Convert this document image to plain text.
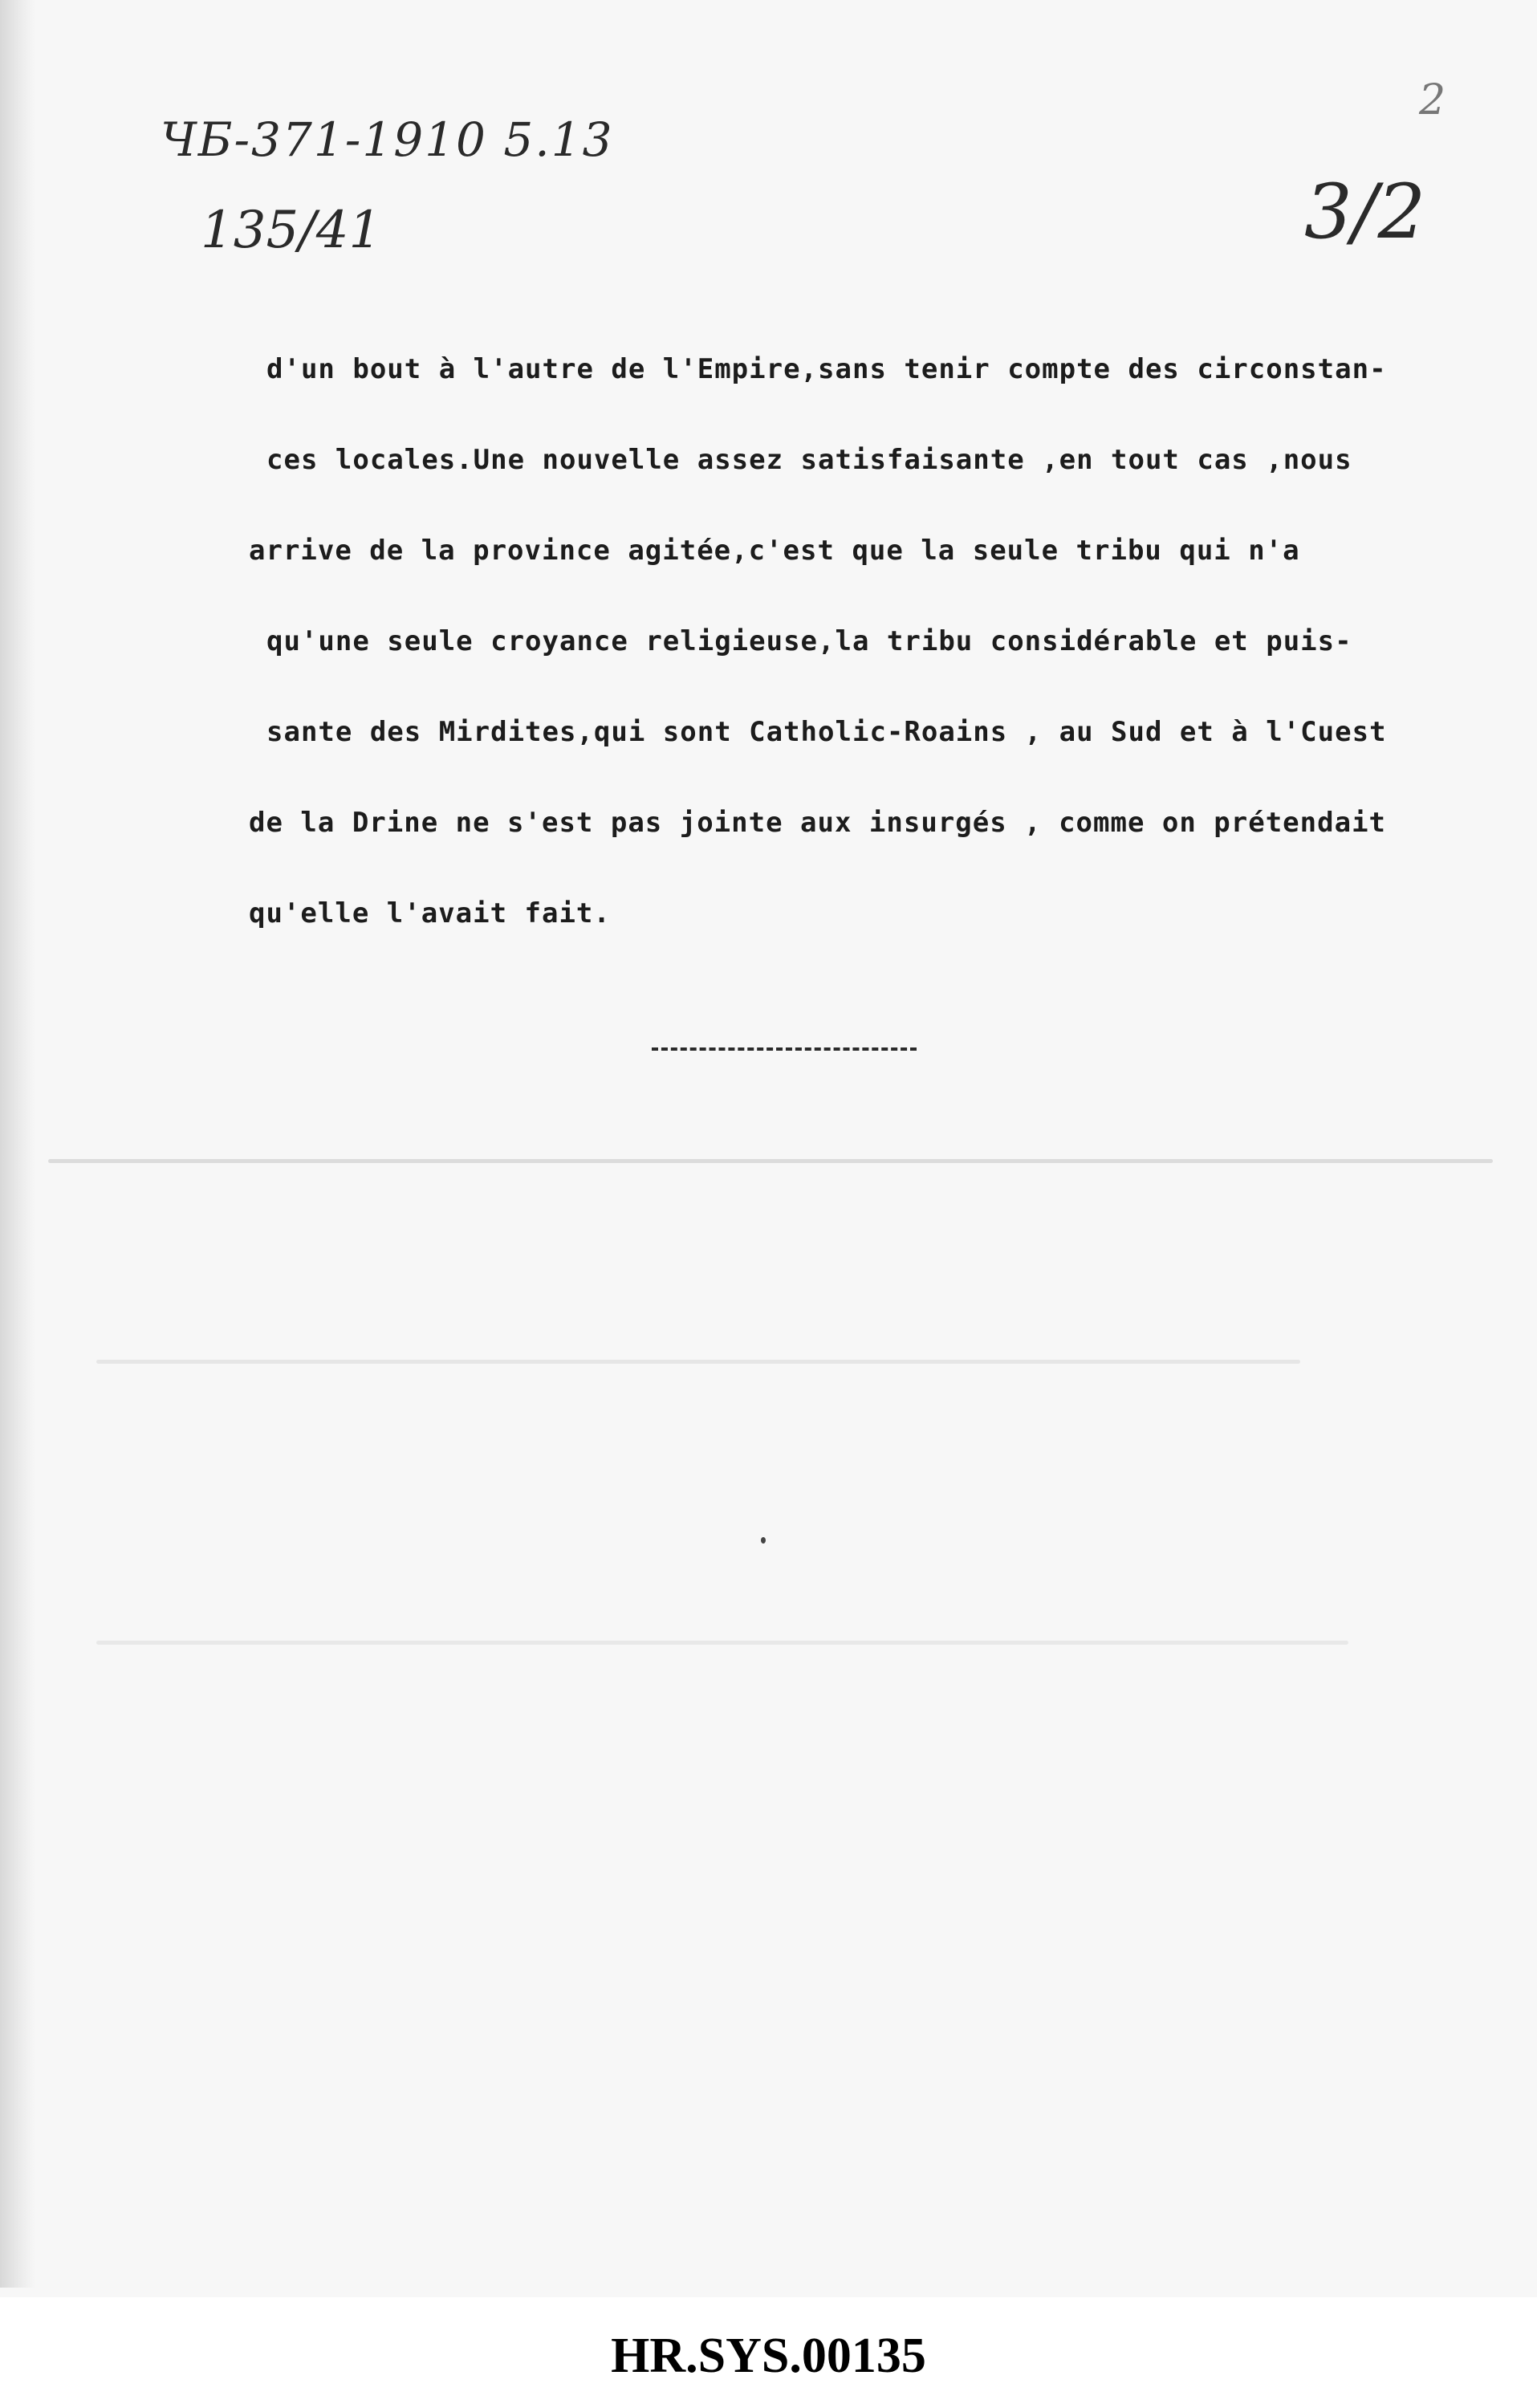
ЧБ-371-1910 5.13
135/41
2
3/2
d'un bout à l'autre de l'Empire,sans tenir compte des circonstan-
ces locales.Une nouvelle assez satisfaisante ,en tout cas ,nous
arrive de la province agitée,c'est que la seule tribu qui n'a
qu'une seule croyance religieuse,la tribu considérable et puis-
sante des Mirdites,qui sont Catholic-Roains , au Sud et à l'Cuest
de la Drine ne s'est pas jointe aux insurgés , comme on prétendait
qu'elle l'avait fait.
HR.SYS.00135
